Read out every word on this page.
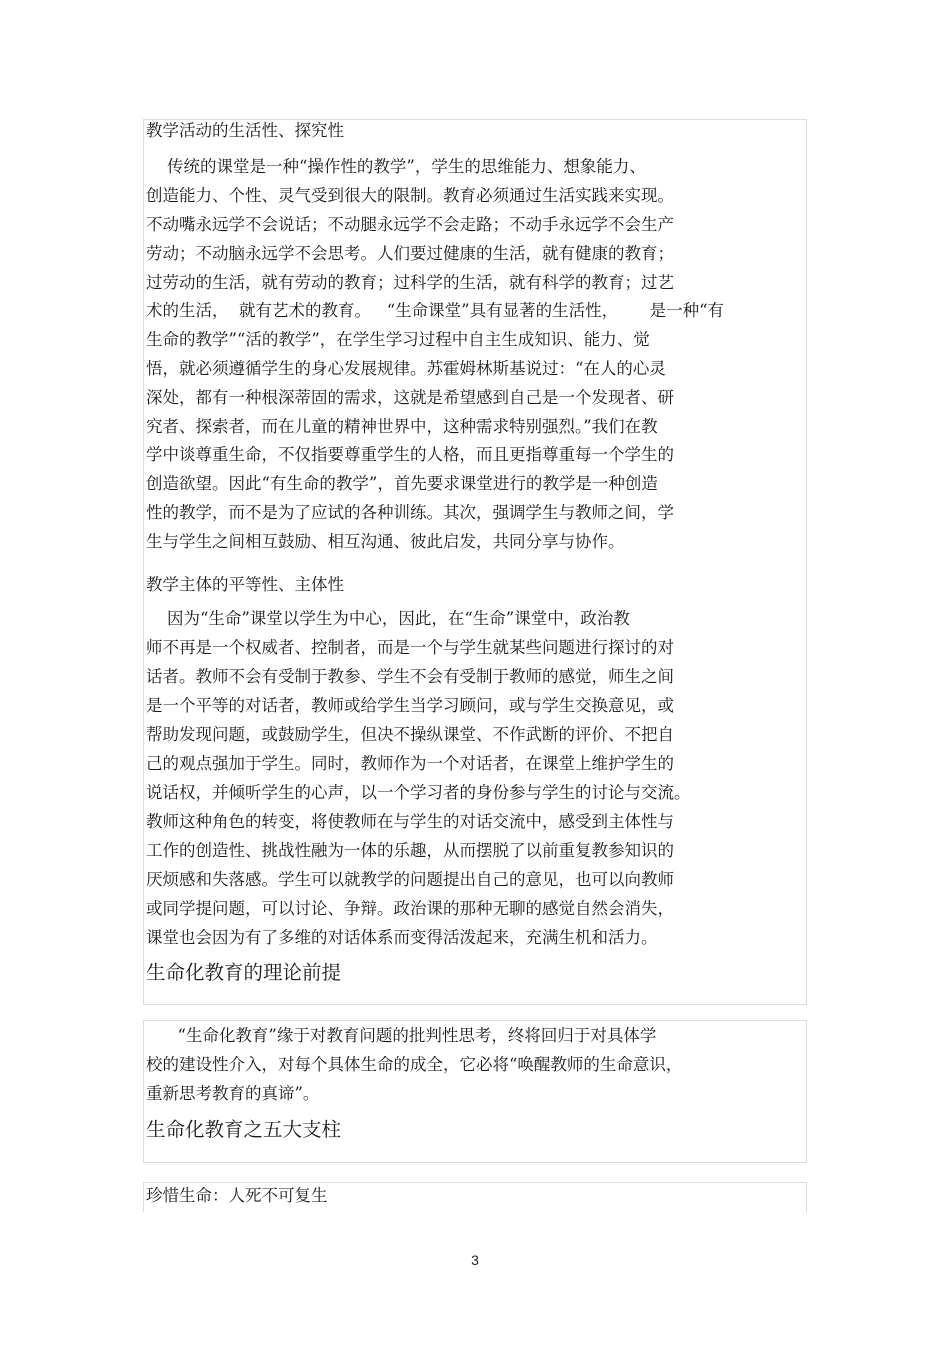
教学活动的生活性、探究性
传统的课堂是一种“操作性的教学”，学生的思维能力、想象能力、
创造能力、个性、灵气受到很大的限制。教育必须通过生活实践来实现。
不动嘴永远学不会说话；不动腿永远学不会走路；不动手永远学不会生产
劳动；不动脑永远学不会思考。人们要过健康的生活，就有健康的教育；
过劳动的生活，就有劳动的教育；过科学的生活，就有科学的教育；过艺
术的生活，  就有艺术的教育。   “生命课堂”具有显著的生活性，      是一种“有
生命的教学”“活的教学”，在学生学习过程中自主生成知识、能力、觉
悟，就必须遵循学生的身心发展规律。苏霍姆林斯基说过：“在人的心灵
深处，都有一种根深蒂固的需求，这就是希望感到自己是一个发现者、研
究者、探索者，而在儿童的精神世界中，这种需求特别强烈。”我们在教
学中谈尊重生命，不仅指要尊重学生的人格，而且更指尊重每一个学生的
创造欲望。因此“有生命的教学”，首先要求课堂进行的教学是一种创造
性的教学，而不是为了应试的各种训练。其次，强调学生与教师之间，学
生与学生之间相互鼓励、相互沟通、彼此启发，共同分享与协作。
教学主体的平等性、主体性
因为“生命”课堂以学生为中心，因此，在“生命”课堂中，政治教
师不再是一个权威者、控制者，而是一个与学生就某些问题进行探讨的对
话者。教师不会有受制于教参、学生不会有受制于教师的感觉，师生之间
是一个平等的对话者，教师或给学生当学习顾问，或与学生交换意见，或
帮助发现问题，或鼓励学生，但决不操纵课堂、不作武断的评价、不把自
己的观点强加于学生。同时，教师作为一个对话者，在课堂上维护学生的
说话权，并倾听学生的心声，以一个学习者的身份参与学生的讨论与交流。
教师这种角色的转变，将使教师在与学生的对话交流中，感受到主体性与
工作的创造性、挑战性融为一体的乐趣，从而摆脱了以前重复教参知识的
厌烦感和失落感。学生可以就教学的问题提出自己的意见，也可以向教师
或同学提问题，可以讨论、争辩。政治课的那种无聊的感觉自然会消失，
课堂也会因为有了多维的对话体系而变得活泼起来，充满生机和活力。
生命化教育的理论前提
“生命化教育”缘于对教育问题的批判性思考，终将回归于对具体学
校的建设性介入，对每个具体生命的成全，它必将“唤醒教师的生命意识，
重新思考教育的真谛”。
生命化教育之五大支柱
珍惜生命：人死不可复生
3
